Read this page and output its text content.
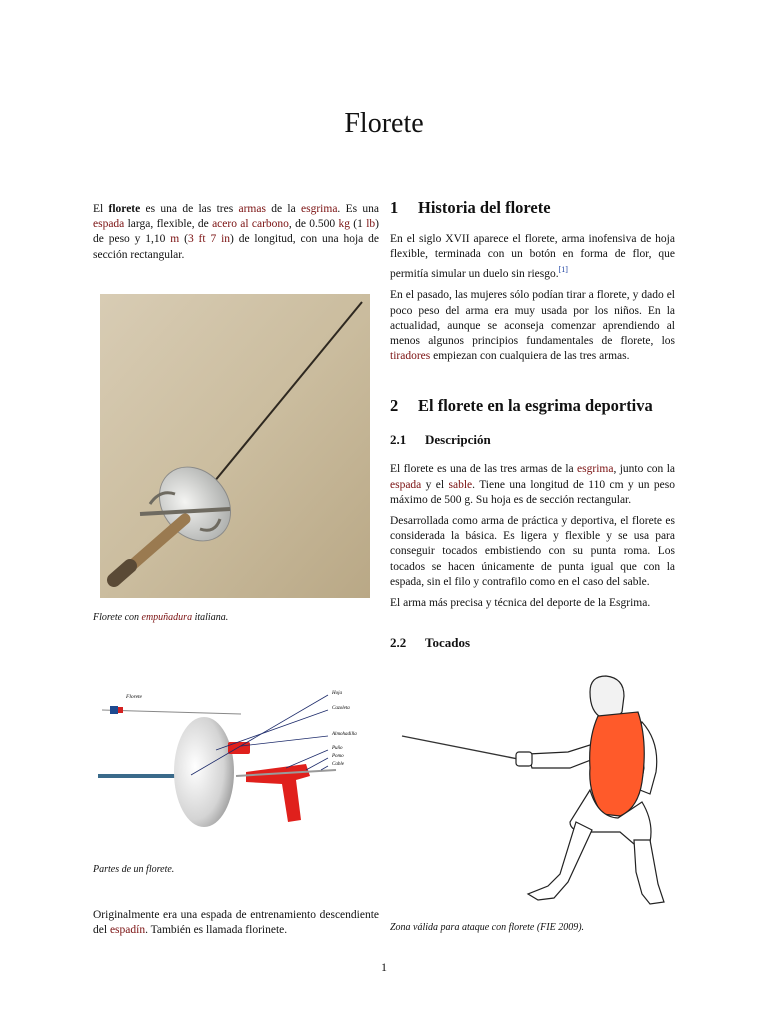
Florete

El florete es una de las tres armas de la esgrima. Es una espada larga, flexible, de acero al carbono, de 0.500 kg (1 lb) de peso y 1,10 m (3 ft 7 in) de longitud, con una hoja de sección rectangular.

Florete con empuñadura italiana.
Florete
Hoja
Cazoleta
Almohadilla
Puño
Pomo
Cable
Partes de un florete.

Originalmente era una espada de entrenamiento descendiente del espadín. También es llamada florinete.

1 Historia del florete

En el siglo XVII aparece el florete, arma inofensiva de hoja flexible, terminada con un botón en forma de flor, que permitía simular un duelo sin riesgo.[1]

En el pasado, las mujeres sólo podían tirar a florete, y dado el poco peso del arma era muy usada por los niños. En la actualidad, aunque se aconseja comenzar aprendiendo al menos algunos principios fundamentales de florete, los tiradores empiezan con cualquiera de las tres armas.

2 El florete en la esgrima deportiva
2.1 Descripción

El florete es una de las tres armas de la esgrima, junto con la espada y el sable. Tiene una longitud de 110 cm y un peso máximo de 500 g. Su hoja es de sección rectangular.

Desarrollada como arma de práctica y deportiva, el florete es considerada la básica. Es ligera y flexible y se usa para conseguir tocados embistiendo con su punta roma. Los tocados se hacen únicamente de punta igual que con la espada, sin el filo y contrafilo como en el caso del sable.

El arma más precisa y técnica del deporte de la Esgrima.

2.2 Tocados
Zona válida para ataque con florete (FIE 2009).
1
